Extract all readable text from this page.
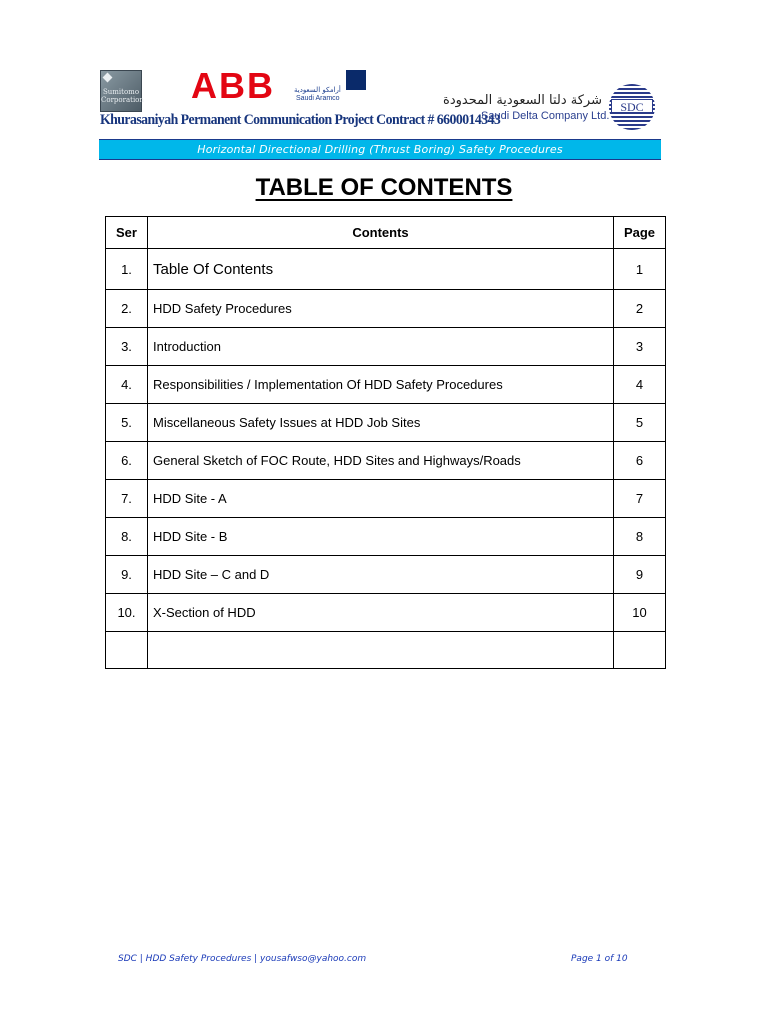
Sumitomo Corporation ABB	أرامكو السعودية
Saudi Aramco
Khurasaniyah Permanent Communication Project Contract # 6600014343
شركة دلتا السعودية المحدودة
Saudi Delta Company Ltd.
SDC
Horizontal Directional Drilling (Thrust Boring) Safety Procedures
TABLE OF CONTENTS
Ser	Contents	Page
1.	Table Of Contents	1
2.	HDD Safety Procedures	2
3.	Introduction	3
4.	Responsibilities / Implementation Of HDD Safety Procedures	4
5.	Miscellaneous Safety Issues at HDD Job Sites	5
6.	General Sketch of FOC Route, HDD Sites and Highways/Roads	6
7.	HDD Site - A	7
8.	HDD Site - B	8
9.	HDD Site – C and D	9
10.	X-Section of HDD	10

SDC | HDD Safety Procedures | yousafwso@yahoo.com	Page 1 of 10
